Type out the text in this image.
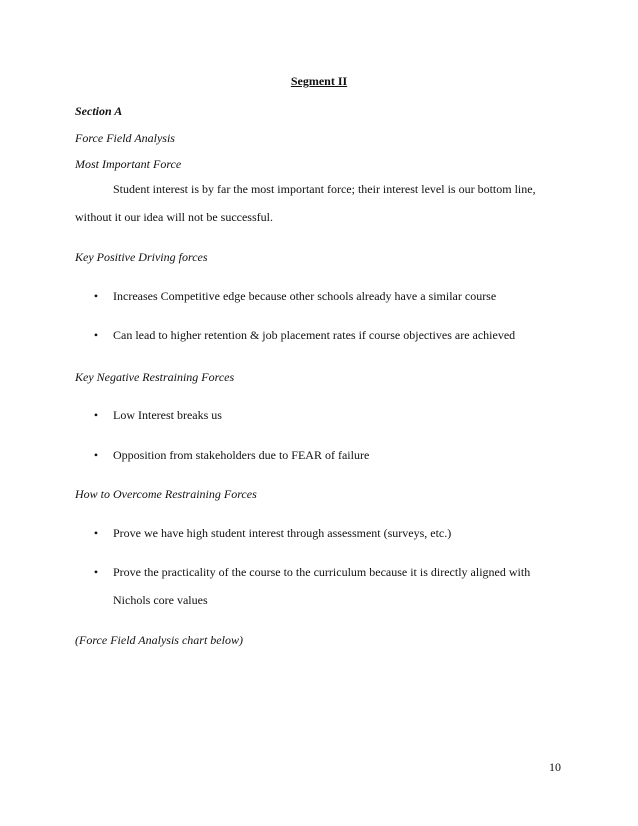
Segment II
Section A
Force Field Analysis
Most Important Force
Student interest is by far the most important force; their interest level is our bottom line,
without it our idea will not be successful.
Key Positive Driving forces
•	Increases Competitive edge because other schools already have a similar course
•	Can lead to higher retention & job placement rates if course objectives are achieved
Key Negative Restraining Forces
•	Low Interest breaks us
•	Opposition from stakeholders due to FEAR of failure
How to Overcome Restraining Forces
•	Prove we have high student interest through assessment (surveys, etc.)
•	Prove the practicality of the course to the curriculum because it is directly aligned with
Nichols core values
(Force Field Analysis chart below)
10
